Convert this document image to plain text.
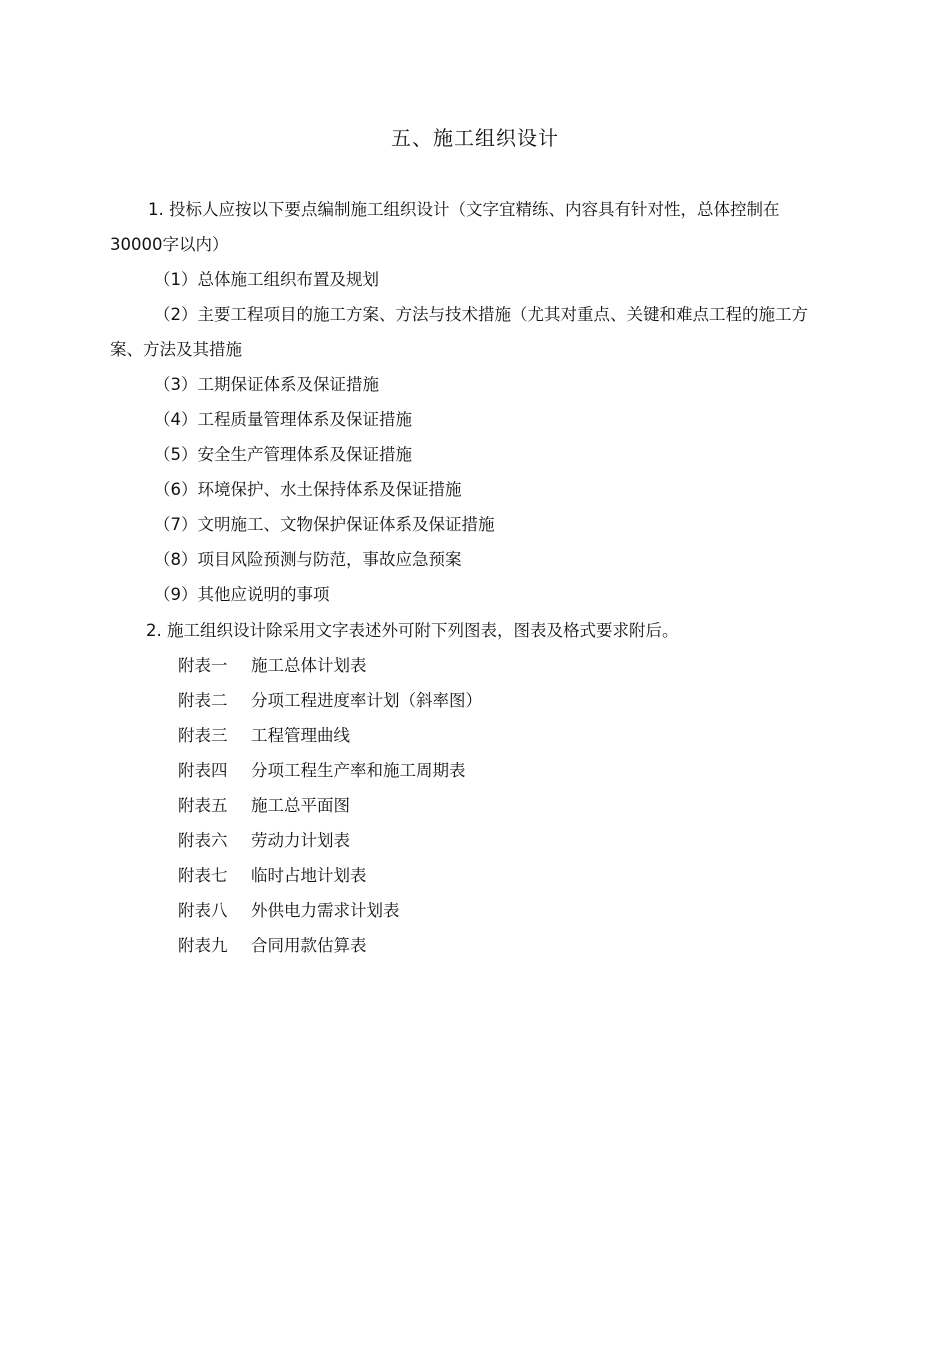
五、施工组织设计
1. 投标人应按以下要点编制施工组织设计（文字宜精练、内容具有针对性，总体控制在 30000字以内）
（1）总体施工组织布置及规划
（2）主要工程项目的施工方案、方法与技术措施（尤其对重点、关键和难点工程的施工方案、方法及其措施
（3）工期保证体系及保证措施
（4）工程质量管理体系及保证措施
（5）安全生产管理体系及保证措施
（6）环境保护、水土保持体系及保证措施
（7）文明施工、文物保护保证体系及保证措施
（8）项目风险预测与防范，事故应急预案
（9）其他应说明的事项
2. 施工组织设计除采用文字表述外可附下列图表，图表及格式要求附后。
附表一 施工总体计划表
附表二 分项工程进度率计划（斜率图）
附表三 工程管理曲线
附表四 分项工程生产率和施工周期表
附表五 施工总平面图
附表六 劳动力计划表
附表七 临时占地计划表
附表八 外供电力需求计划表
附表九 合同用款估算表
